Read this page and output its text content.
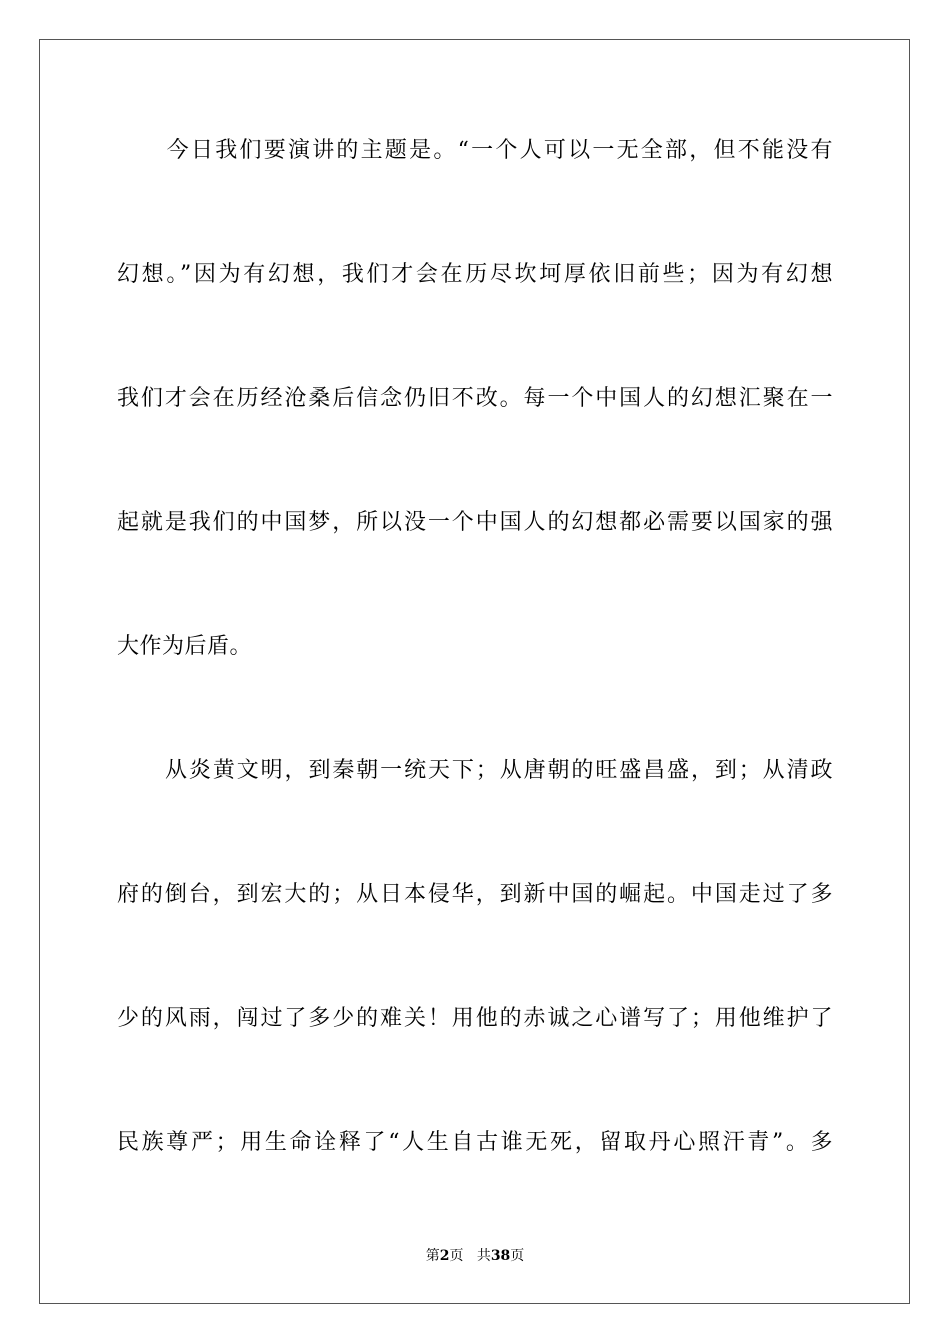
今日我们要演讲的主题是。“一个人可以一无全部，但不能没有
幻想。”因为有幻想，我们才会在历尽坎坷厚依旧前些；因为有幻想
我们才会在历经沧桑后信念仍旧不改。每一个中国人的幻想汇聚在一
起就是我们的中国梦，所以没一个中国人的幻想都必需要以国家的强
大作为后盾。
从炎黄文明，到秦朝一统天下；从唐朝的旺盛昌盛，到；从清政
府的倒台，到宏大的；从日本侵华，到新中国的崛起。中国走过了多
少的风雨，闯过了多少的难关！用他的赤诚之心谱写了；用他维护了
民族尊严；用生命诠释了“人生自古谁无死，留取丹心照汗青”。多
第2页 共38页
